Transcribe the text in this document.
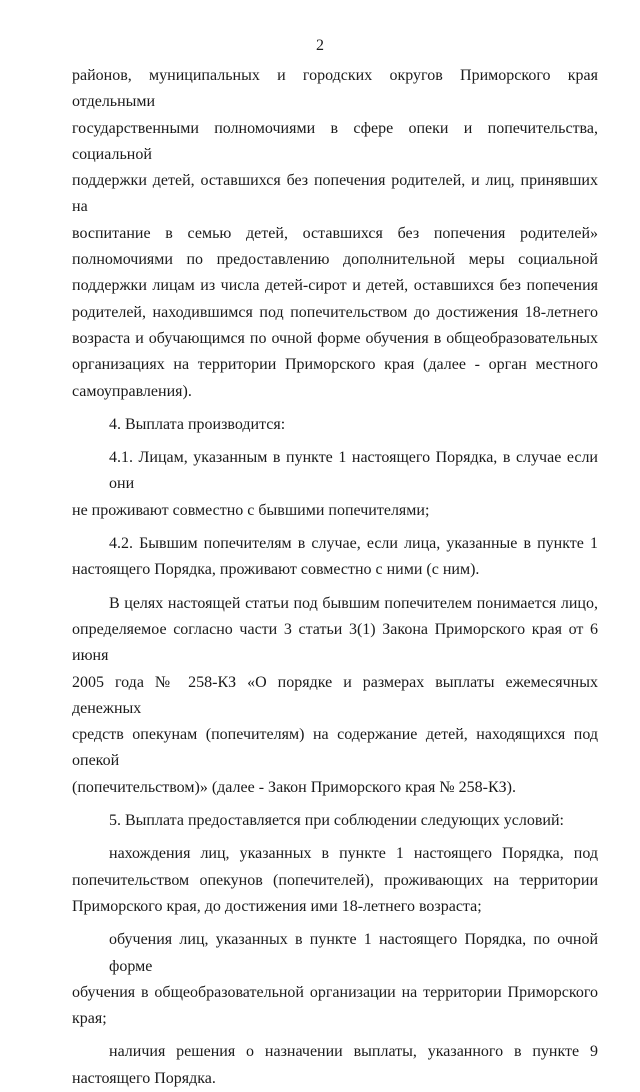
2
районов, муниципальных и городских округов Приморского края отдельными
государственными полномочиями в сфере опеки и попечительства, социальной
поддержки детей, оставшихся без попечения родителей, и лиц, принявших на
воспитание в семью детей, оставшихся без попечения родителей»
полномочиями по предоставлению дополнительной меры социальной
поддержки лицам из числа детей-сирот и детей, оставшихся без попечения
родителей, находившимся под попечительством до достижения 18-летнего
возраста и обучающимся по очной форме обучения в общеобразовательных
организациях на территории Приморского края (далее - орган местного
самоуправления).
4. Выплата производится:
4.1. Лицам, указанным в пункте 1 настоящего Порядка, в случае если они
не проживают совместно с бывшими попечителями;
4.2. Бывшим попечителям в случае, если лица, указанные в пункте 1
настоящего Порядка, проживают совместно с ними (с ним).
В целях настоящей статьи под бывшим попечителем понимается лицо,
определяемое согласно части 3 статьи 3(1) Закона Приморского края от 6 июня
2005 года № 258-КЗ «О порядке и размерах выплаты ежемесячных денежных
средств опекунам (попечителям) на содержание детей, находящихся под опекой
(попечительством)» (далее - Закон Приморского края № 258-КЗ).
5. Выплата предоставляется при соблюдении следующих условий:
нахождения лиц, указанных в пункте 1 настоящего Порядка, под
попечительством опекунов (попечителей), проживающих на территории
Приморского края, до достижения ими 18-летнего возраста;
обучения лиц, указанных в пункте 1 настоящего Порядка, по очной форме
обучения в общеобразовательной организации на территории Приморского
края;
наличия решения о назначении выплаты, указанного в пункте 9
настоящего Порядка.
